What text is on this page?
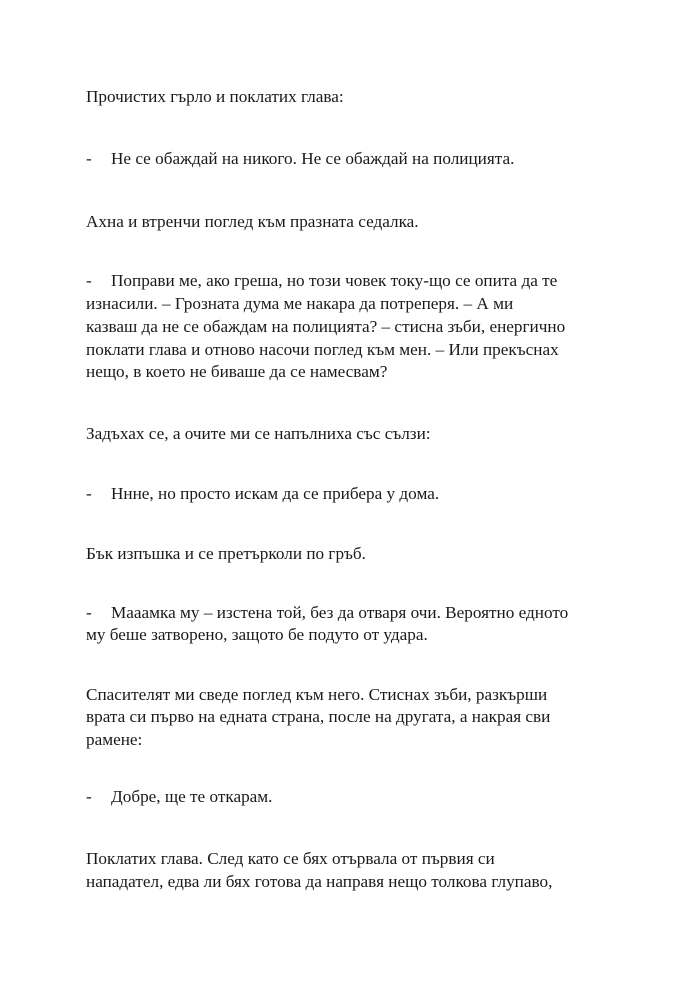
Прочистих гърло и поклатих глава:
- Не се обаждай на никого. Не се обаждай на полицията.
Ахна и втренчи поглед към празната седалка.
- Поправи ме, ако греша, но този човек току-що се опита да те
изнасили. – Грозната дума ме накара да потреперя. – А ми
казваш да не се обаждам на полицията? – стисна зъби, енергично
поклати глава и отново насочи поглед към мен. – Или прекъснах
нещо, в което не биваше да се намесвам?
Задъхах се, а очите ми се напълниха със сълзи:
- Ннне, но просто искам да се прибера у дома.
Бък изпъшка и се претърколи по гръб.
- Мааамка му – изстена той, без да отваря очи. Вероятно едното
му беше затворено, защото бе подуто от удара.
Спасителят ми сведе поглед към него. Стиснах зъби, разкърши
врата си първо на едната страна, после на другата, а накрая сви
рамене:
- Добре, ще те откарам.
Поклатих глава. След като се бях отървала от първия си
нападател, едва ли бях готова да направя нещо толкова глупаво,
